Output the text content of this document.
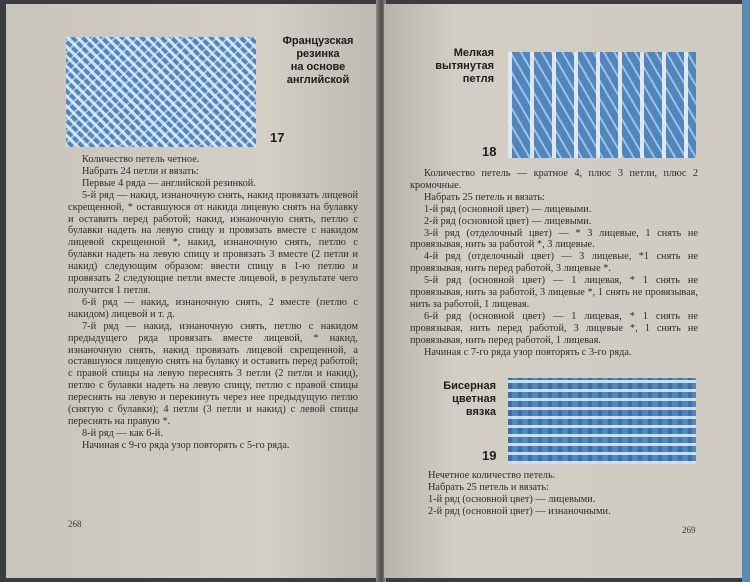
Французская
резинка
на основе
английской
17

Количество петель четное.

Набрать 24 петли и вязать:

Первые 4 ряда — английской резинкой.

5-й ряд — накид, изнаночную снять, накид провязать лицевой скрещенной, * оставшуюся от накида лицевую снять на булавку и оставить перед работой; накид, изнаночную снять, петлю с булавки надеть на левую спицу и провязать вместе с накидом лицевой скрещенной *, накид, изнаночную снять, петлю с булавки надеть на левую спицу и провязать 3 вместе (2 петли и накид) следующим образом: ввести спицу в 1-ю петлю и провязать 2 следующие петли вместе лицевой, в результате чего получится 1 петля.

6-й ряд — накид, изнаночную снять, 2 вместе (петлю с накидом) лицевой и т. д.

7-й ряд — накид, изнаночную снять, петлю с накидом предыдущего ряда провязать вместе лицевой, * накид, изнаночную снять, накид провязать лицевой скрещенной, а оставшуюся лицевую снять на булавку и оставить перед работой; с правой спицы на левую переснять 3 петли (2 петли и накид), петлю с булавки надеть на левую спицу, петлю с правой спицы переснять на левую и перекинуть через нее предыдущую петлю (снятую с булавки); 4 петли (3 петли и накид) с левой спицы переснять на правую *.

8-й ряд — как 6-й.

Начиная с 9-го ряда узор повторять с 5-го ряда.

268
Мелкая
вытянутая
петля
18

Количество петель — кратное 4, плюс 3 петли, плюс 2 кромочные.

Набрать 25 петель и вязать:

1-й ряд (основной цвет) — лицевыми.

2-й ряд (основной цвет) — лицевыми.

3-й ряд (отделочный цвет) — * 3 лицевые, 1 снять не провязывая, нить за работой *, 3 лицевые.

4-й ряд (отделочный цвет) — 3 лицевые, *1 снять не провязывая, нить перед работой, 3 лицевые *.

5-й ряд (основной цвет) — 1 лицевая, * 1 снять не провязывая, нить за работой, 3 лицевые *, 1 снять не провязывая, нить за работой, 1 лицевая.

6-й ряд (основной цвет) — 1 лицевая, * 1 снять не провязывая, нить перед работой, 3 лицевые *, 1 снять не провязывая, нить перед работой, 1 лицевая.

Начиная с 7-го ряда узор повторять с 3-го ряда.

Бисерная
цветная
вязка
19

Нечетное количество петель.

Набрать 25 петель и вязать:

1-й ряд (основной цвет) — лицевыми.

2-й ряд (основной цвет) — изнаночными.

269
